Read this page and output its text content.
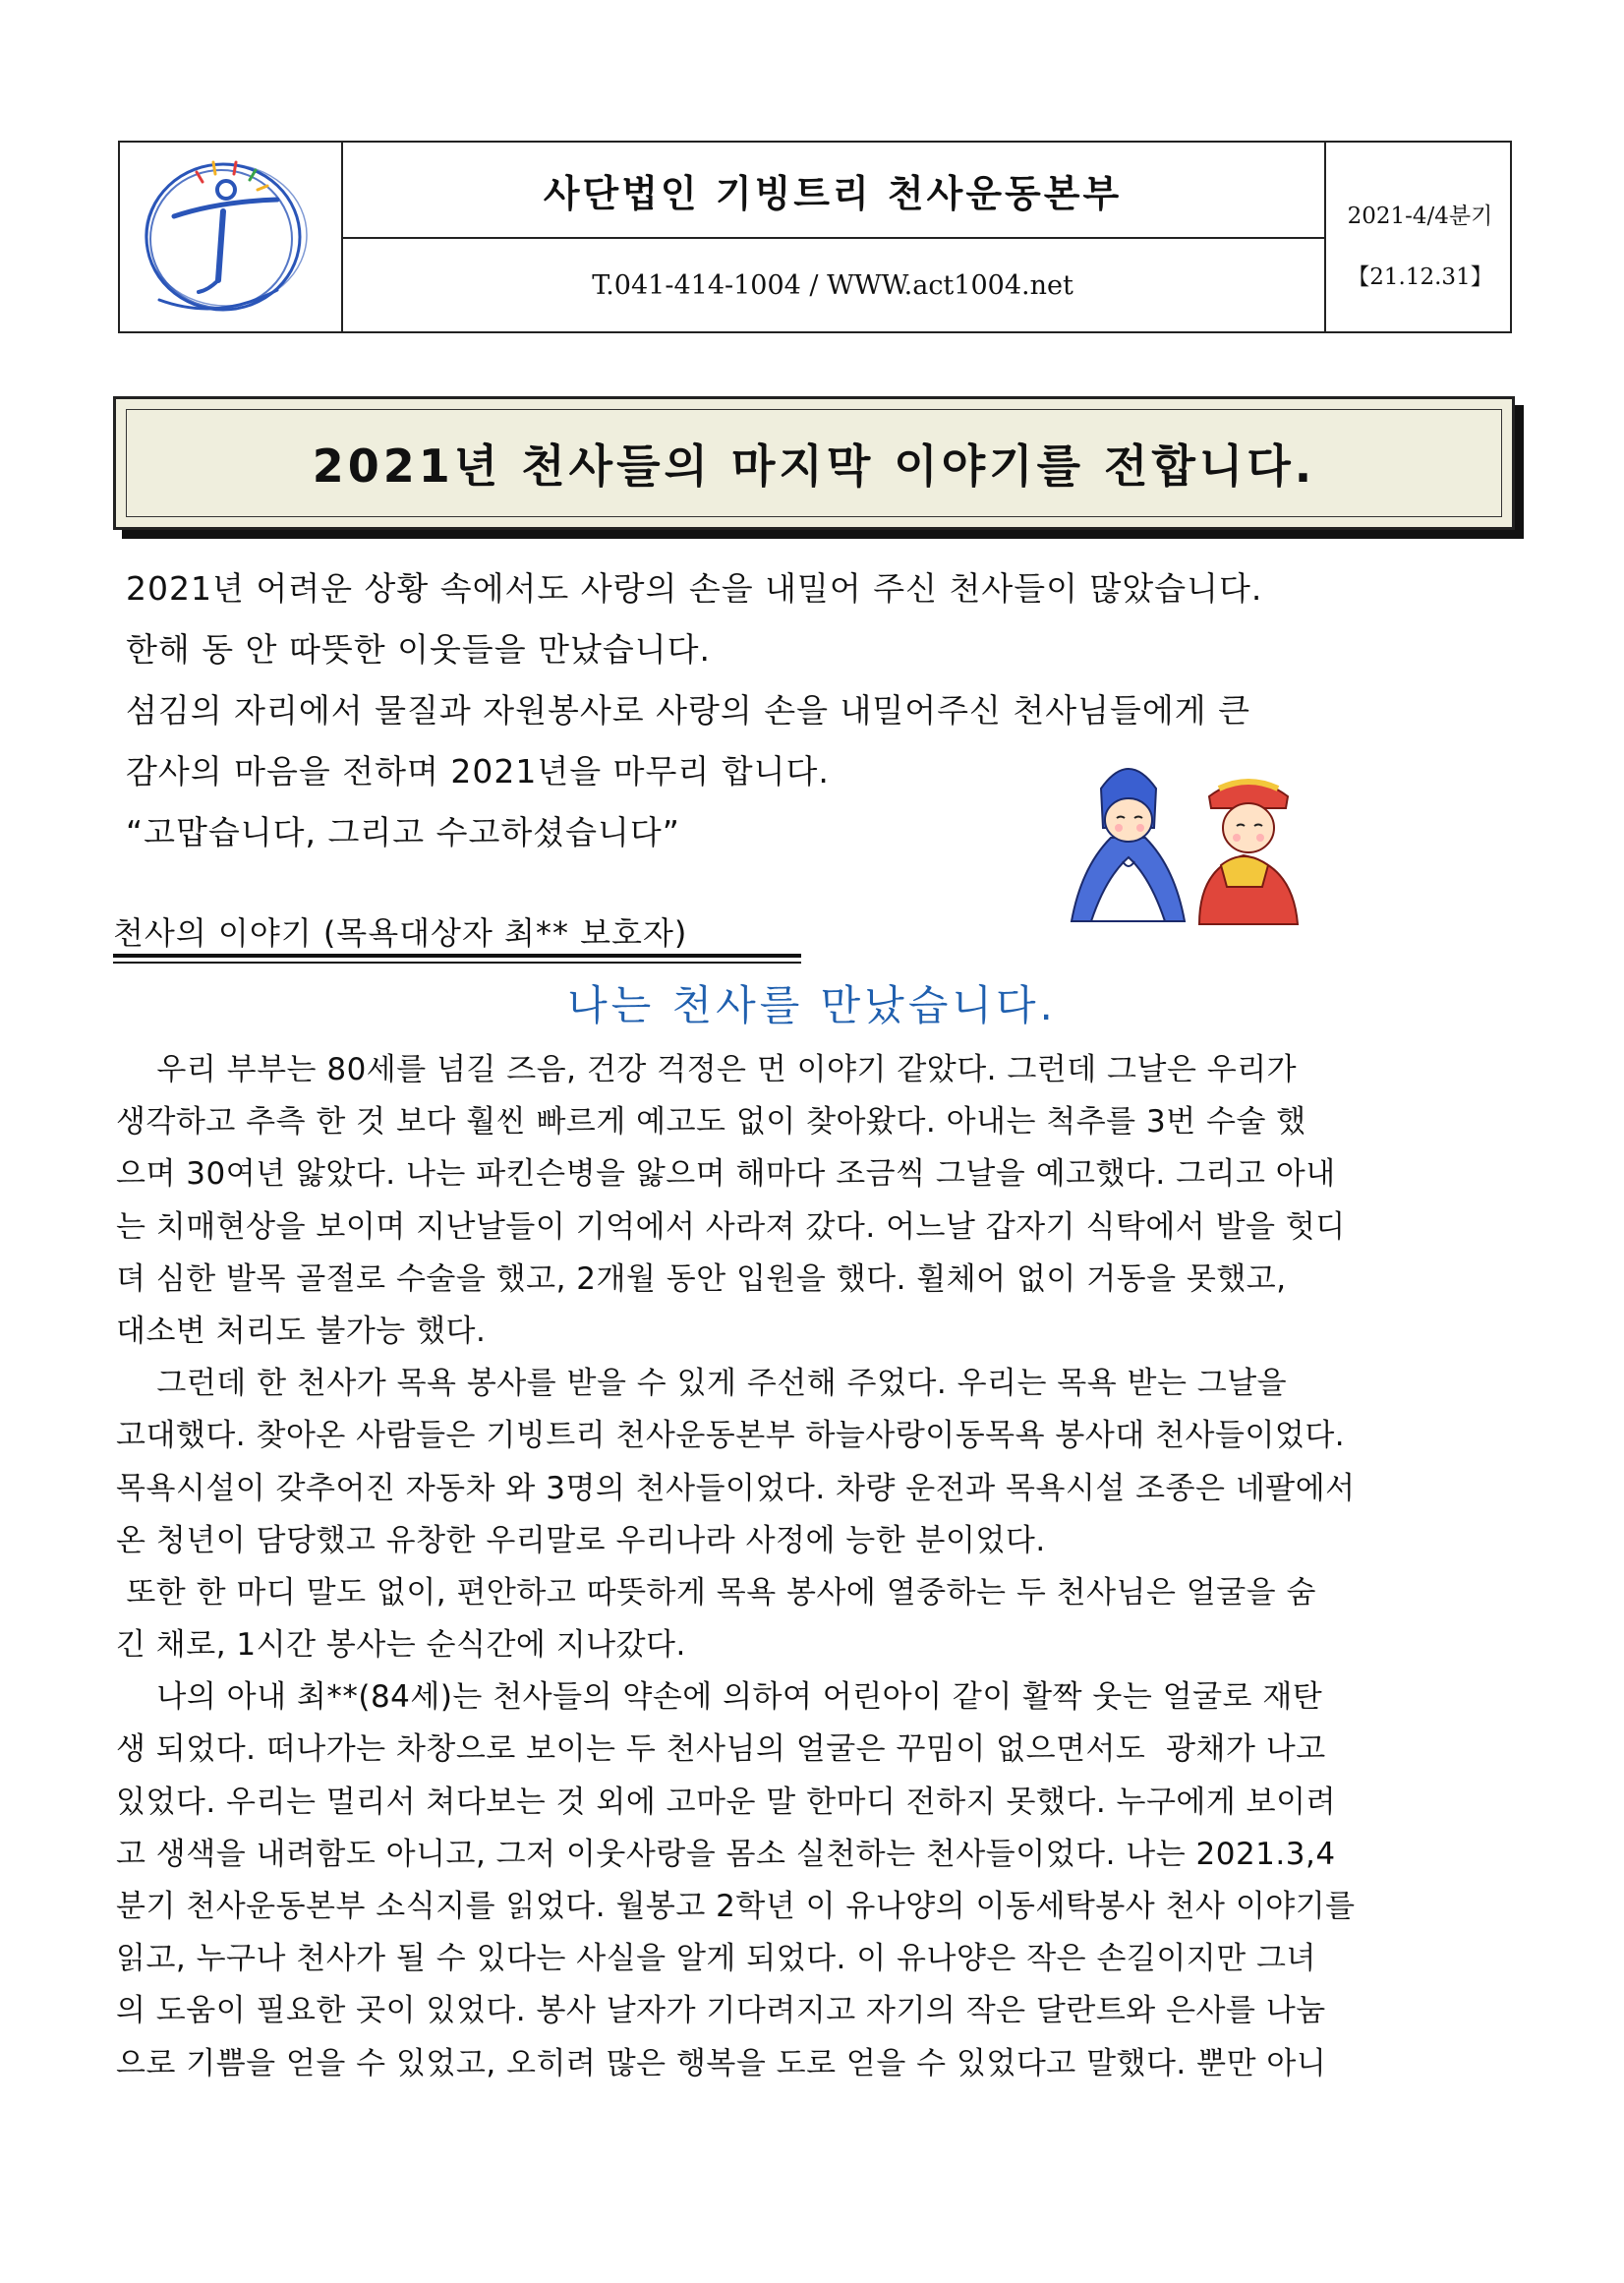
사단법인 기빙트리 천사운동본부
T.041-414-1004 / WWW.act1004.net
2021-4/4분기
【21.12.31】
2021년 천사들의 마지막 이야기를 전합니다.
2021년 어려운 상황 속에서도 사랑의 손을 내밀어 주신 천사들이 많았습니다.
한해 동 안 따뜻한 이웃들을 만났습니다.
섬김의 자리에서 물질과 자원봉사로 사랑의 손을 내밀어주신 천사님들에게 큰
감사의 마음을 전하며 2021년을 마무리 합니다.
“고맙습니다, 그리고 수고하셨습니다”
천사의 이야기 (목욕대상자 최** 보호자)
나는 천사를 만났습니다.
우리 부부는 80세를 넘길 즈음, 건강 걱정은 먼 이야기 같았다. 그런데 그날은 우리가
생각하고 추측 한 것 보다 훨씬 빠르게 예고도 없이 찾아왔다. 아내는 척추를 3번 수술 했
으며 30여년 앓았다. 나는 파킨슨병을 앓으며 해마다 조금씩 그날을 예고했다. 그리고 아내
는 치매현상을 보이며 지난날들이 기억에서 사라져 갔다. 어느날 갑자기 식탁에서 발을 헛디
뎌 심한 발목 골절로 수술을 했고, 2개월 동안 입원을 했다. 휠체어 없이 거동을 못했고,
대소변 처리도 불가능 했다.
그런데 한 천사가 목욕 봉사를 받을 수 있게 주선해 주었다. 우리는 목욕 받는 그날을
고대했다. 찾아온 사람들은 기빙트리 천사운동본부 하늘사랑이동목욕 봉사대 천사들이었다.
목욕시설이 갖추어진 자동차 와 3명의 천사들이었다. 차량 운전과 목욕시설 조종은 네팔에서
온 청년이 담당했고 유창한 우리말로 우리나라 사정에 능한 분이었다.
또한 한 마디 말도 없이, 편안하고 따뜻하게 목욕 봉사에 열중하는 두 천사님은 얼굴을 숨
긴 채로, 1시간 봉사는 순식간에 지나갔다.
나의 아내 최**(84세)는 천사들의 약손에 의하여 어린아이 같이 활짝 웃는 얼굴로 재탄
생 되었다. 떠나가는 차창으로 보이는 두 천사님의 얼굴은 꾸밈이 없으면서도  광채가 나고
있었다. 우리는 멀리서 쳐다보는 것 외에 고마운 말 한마디 전하지 못했다. 누구에게 보이려
고 생색을 내려함도 아니고, 그저 이웃사랑을 몸소 실천하는 천사들이었다. 나는 2021.3,4
분기 천사운동본부 소식지를 읽었다. 월봉고 2학년 이 유나양의 이동세탁봉사 천사 이야기를
읽고, 누구나 천사가 될 수 있다는 사실을 알게 되었다. 이 유나양은 작은 손길이지만 그녀
의 도움이 필요한 곳이 있었다. 봉사 날자가 기다려지고 자기의 작은 달란트와 은사를 나눔
으로 기쁨을 얻을 수 있었고, 오히려 많은 행복을 도로 얻을 수 있었다고 말했다. 뿐만 아니
